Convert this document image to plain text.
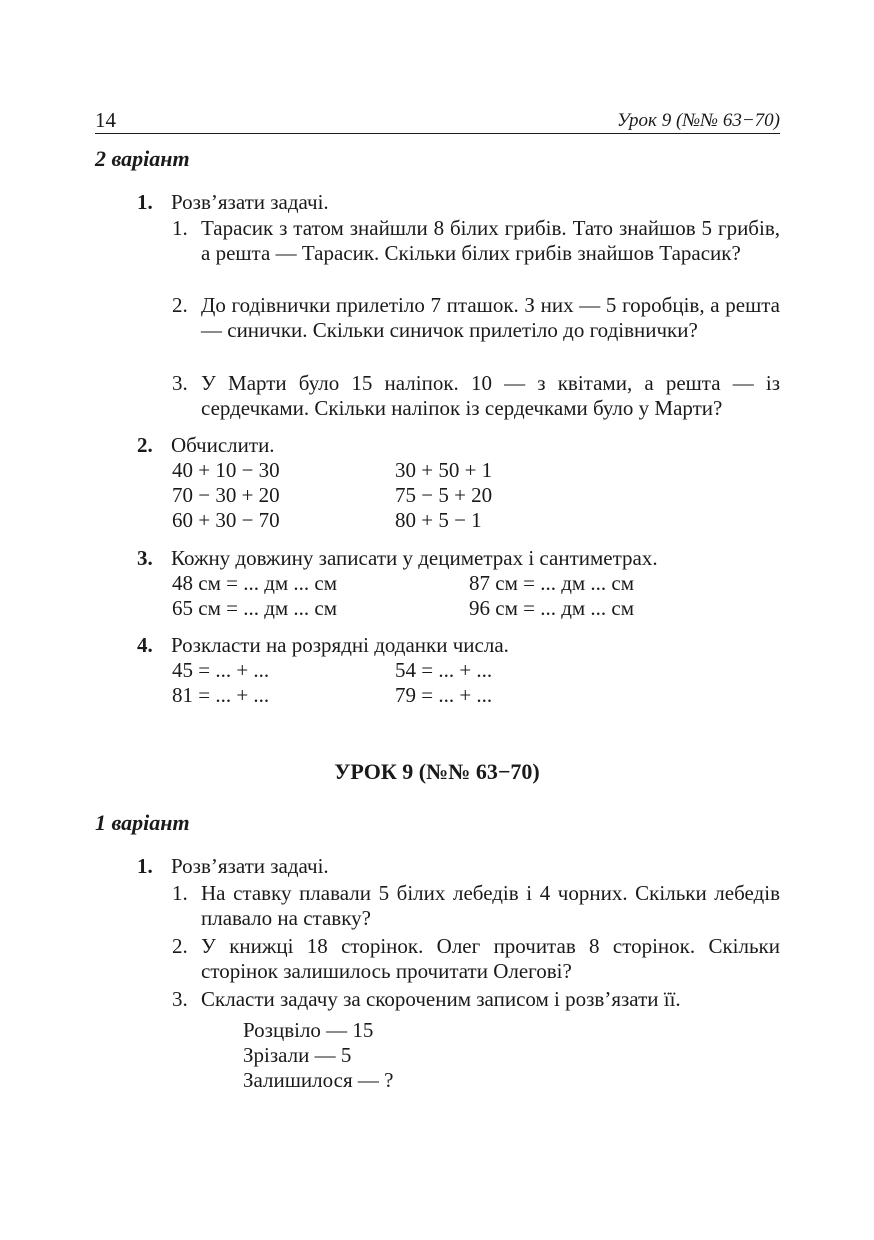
14	Урок 9 (№№ 63−70)
2 варіант
1. Розв’язати задачі.
1. Тарасик з татом знайшли 8 білих грибів. Тато знайшов 5 грибів, а решта — Тарасик. Скільки білих грибів знайшов Тарасик?
2. До годівнички прилетіло 7 пташок. З них — 5 горобців, а решта — синички. Скільки синичок прилетіло до годівнички?
3. У Марти було 15 наліпок. 10 — з квітами, а решта — із сердечками. Скільки наліпок із сердечками було у Марти?
2. Обчислити.
40 + 10 − 30
70 − 30 + 20
60 + 30 − 70
30 + 50 + 1
75 − 5 + 20
80 + 5 − 1
3. Кожну довжину записати у дециметрах і сантиметрах.
48 см = ... дм ... см
65 см = ... дм ... см
87 см = ... дм ... см
96 см = ... дм ... см
4. Розкласти на розрядні доданки числа.
45 = ... + ...
81 = ... + ...
54 = ... + ...
79 = ... + ...
УРОК 9 (№№ 63−70)
1 варіант
1. Розв’язати задачі.
1. На ставку плавали 5 білих лебедів і 4 чорних. Скільки лебедів плавало на ставку?
2. У книжці 18 сторінок. Олег прочитав 8 сторінок. Скільки сторінок залишилось прочитати Олегові?
3. Скласти задачу за скороченим записом і розв’язати її.
Розцвіло — 15
Зрізали — 5
Залишилося — ?
